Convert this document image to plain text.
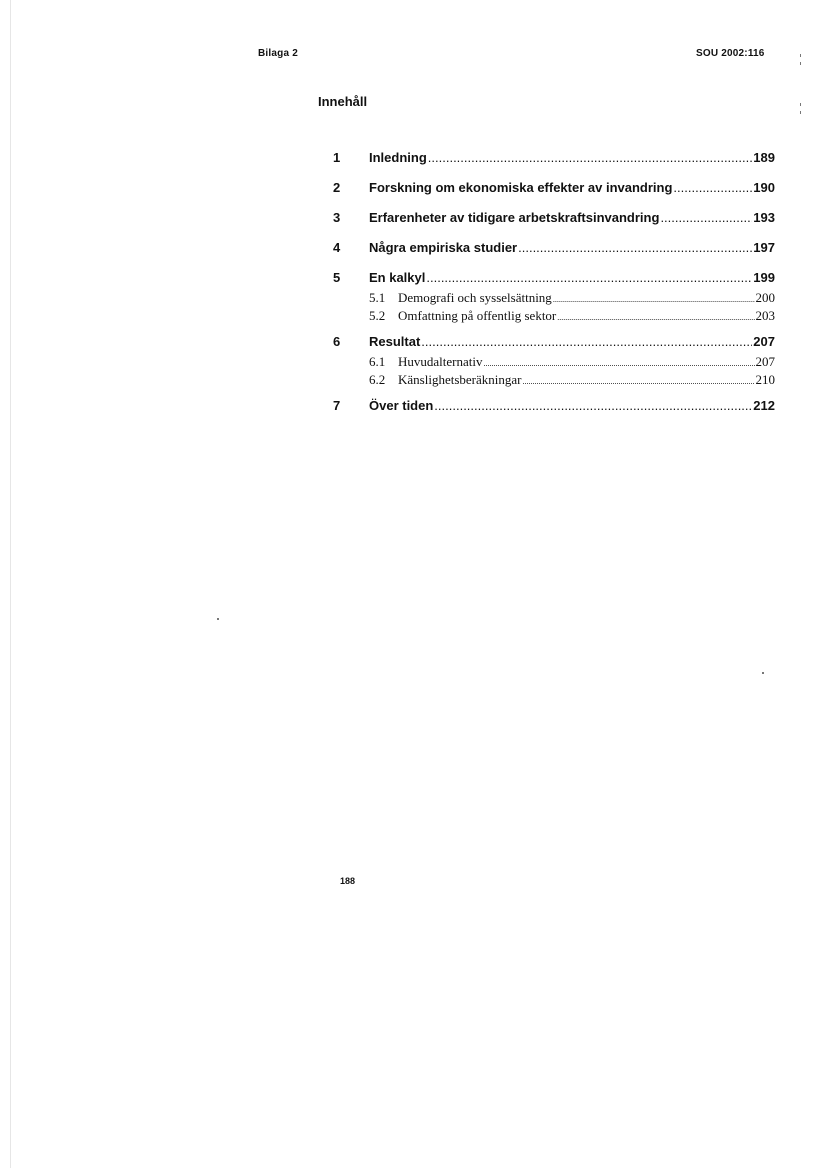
Bilaga 2	SOU 2002:116
Innehåll
1	Inledning .....	189
2	Forskning om ekonomiska effekter av invandring .....	190
3	Erfarenheter av tidigare arbetskraftsinvandring .....	193
4	Några empiriska studier .....	197
5	En kalkyl .....	199
5.1 Demografi och sysselsättning .....	200
5.2 Omfattning på offentlig sektor .....	203
6	Resultat .....	207
6.1 Huvudalternativ .....	207
6.2 Känslighetsberäkningar .....	210
7	Över tiden .....	212
188
